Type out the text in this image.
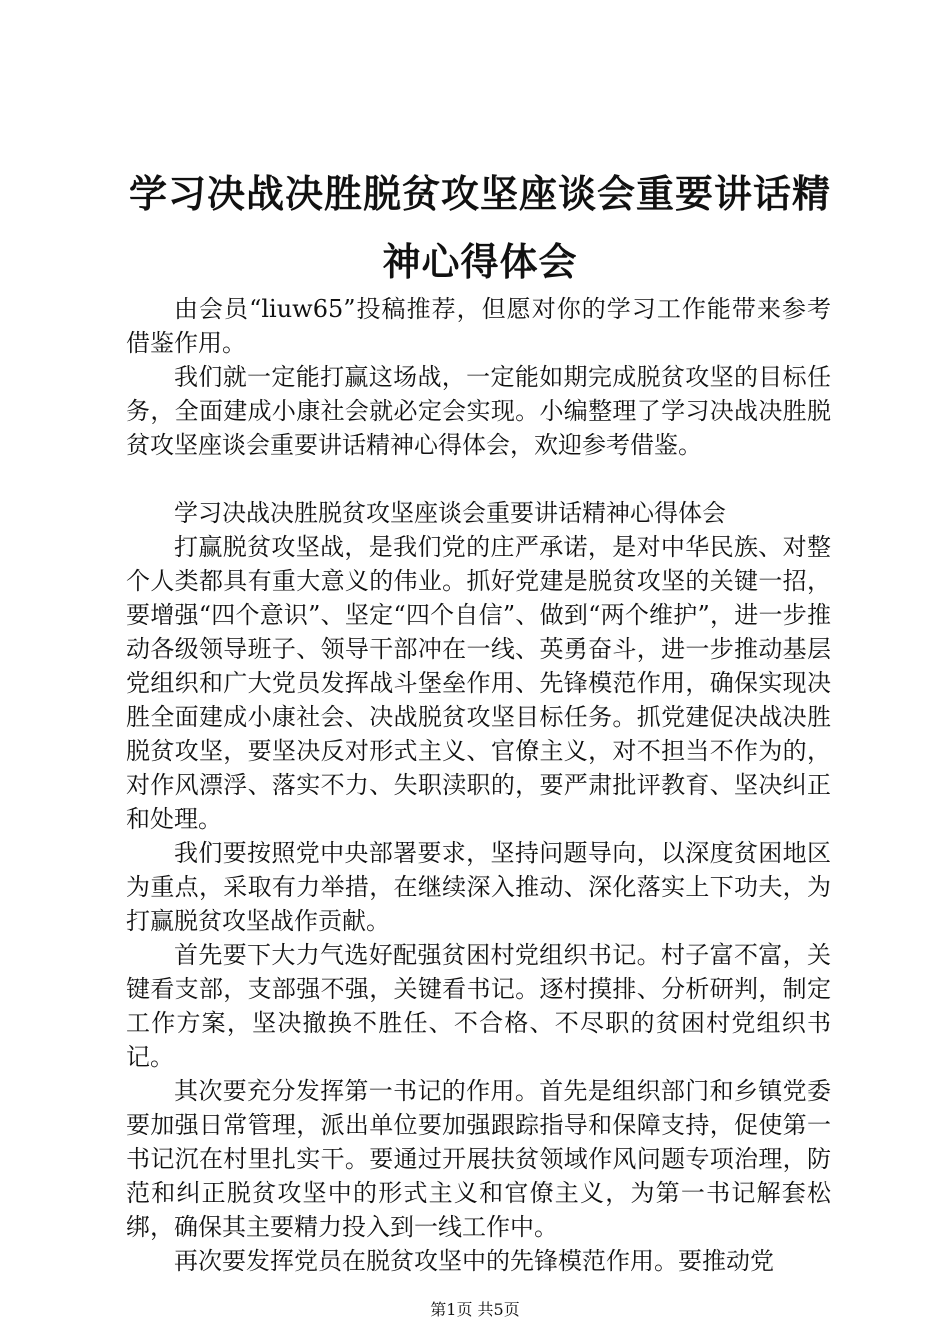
学习决战决胜脱贫攻坚座谈会重要讲话精神心得体会

由会员“liuw65”投稿推荐，但愿对你的学习工作能带来参考借鉴作用。

我们就一定能打赢这场战，一定能如期完成脱贫攻坚的目标任务，全面建成小康社会就必定会实现。小编整理了学习决战决胜脱贫攻坚座谈会重要讲话精神心得体会，欢迎参考借鉴。

学习决战决胜脱贫攻坚座谈会重要讲话精神心得体会

打赢脱贫攻坚战，是我们党的庄严承诺，是对中华民族、对整个人类都具有重大意义的伟业。抓好党建是脱贫攻坚的关键一招，要增强“四个意识”、坚定“四个自信”、做到“两个维护”，进一步推动各级领导班子、领导干部冲在一线、英勇奋斗，进一步推动基层党组织和广大党员发挥战斗堡垒作用、先锋模范作用，确保实现决胜全面建成小康社会、决战脱贫攻坚目标任务。抓党建促决战决胜脱贫攻坚，要坚决反对形式主义、官僚主义，对不担当不作为的，对作风漂浮、落实不力、失职渎职的，要严肃批评教育、坚决纠正和处理。

我们要按照党中央部署要求，坚持问题导向，以深度贫困地区为重点，采取有力举措，在继续深入推动、深化落实上下功夫，为打赢脱贫攻坚战作贡献。

首先要下大力气选好配强贫困村党组织书记。村子富不富，关键看支部，支部强不强，关键看书记。逐村摸排、分析研判，制定工作方案，坚决撤换不胜任、不合格、不尽职的贫困村党组织书记。

其次要充分发挥第一书记的作用。首先是组织部门和乡镇党委要加强日常管理，派出单位要加强跟踪指导和保障支持，促使第一书记沉在村里扎实干。要通过开展扶贫领域作风问题专项治理，防范和纠正脱贫攻坚中的形式主义和官僚主义，为第一书记解套松绑，确保其主要精力投入到一线工作中。

再次要发挥党员在脱贫攻坚中的先锋模范作用。要推动党

第1页 共5页
